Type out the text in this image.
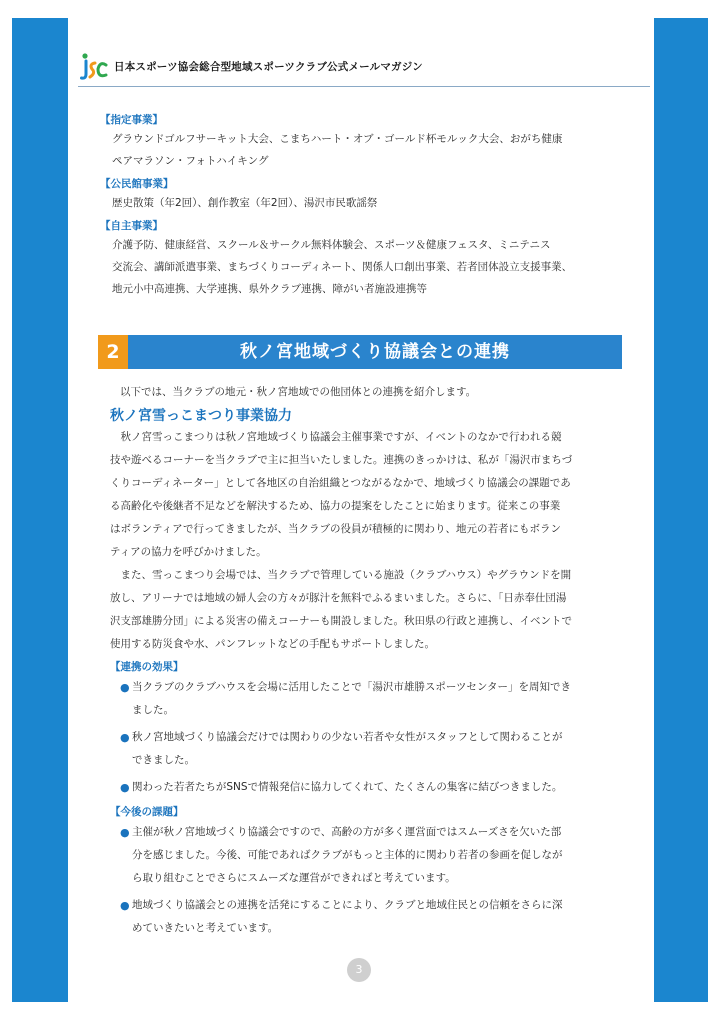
日本スポーツ協会総合型地域スポーツクラブ公式メールマガジン
【指定事業】
グラウンドゴルフサーキット大会、こまちハート・オブ・ゴールド杯モルック大会、おがち健康
ペアマラソン・フォトハイキング
【公民館事業】
歴史散策（年2回）、創作教室（年2回）、湯沢市民歌謡祭
【自主事業】
介護予防、健康経営、スクール＆サークル無料体験会、スポーツ＆健康フェスタ、ミニテニス
交流会、講師派遣事業、まちづくりコーディネート、関係人口創出事業、若者団体設立支援事業、
地元小中高連携、大学連携、県外クラブ連携、障がい者施設連携等
2	秋ノ宮地域づくり協議会との連携
以下では、当クラブの地元・秋ノ宮地域での他団体との連携を紹介します。
秋ノ宮雪っこまつり事業協力
　秋ノ宮雪っこまつりは秋ノ宮地域づくり協議会主催事業ですが、イベントのなかで行われる競
技や遊べるコーナーを当クラブで主に担当いたしました。連携のきっかけは、私が「湯沢市まちづ
くりコーディネーター」として各地区の自治組織とつながるなかで、地域づくり協議会の課題であ
る高齢化や後継者不足などを解決するため、協力の提案をしたことに始まります。従来この事業
はボランティアで行ってきましたが、当クラブの役員が積極的に関わり、地元の若者にもボラン
ティアの協力を呼びかけました。
　また、雪っこまつり会場では、当クラブで管理している施設（クラブハウス）やグラウンドを開
放し、アリーナでは地域の婦人会の方々が豚汁を無料でふるまいました。さらに、「日赤奉仕団湯
沢支部雄勝分団」による災害の備えコーナーも開設しました。秋田県の行政と連携し、イベントで
使用する防災食や水、パンフレットなどの手配もサポートしました。
【連携の効果】
● 当クラブのクラブハウスを会場に活用したことで「湯沢市雄勝スポーツセンター」を周知でき
ました。
● 秋ノ宮地域づくり協議会だけでは関わりの少ない若者や女性がスタッフとして関わることが
できました。
● 関わった若者たちがSNSで情報発信に協力してくれて、たくさんの集客に結びつきました。
【今後の課題】
● 主催が秋ノ宮地域づくり協議会ですので、高齢の方が多く運営面ではスムーズさを欠いた部
分を感じました。今後、可能であればクラブがもっと主体的に関わり若者の参画を促しなが
ら取り組むことでさらにスムーズな運営ができればと考えています。
● 地域づくり協議会との連携を活発にすることにより、クラブと地域住民との信頼をさらに深
めていきたいと考えています。
3
